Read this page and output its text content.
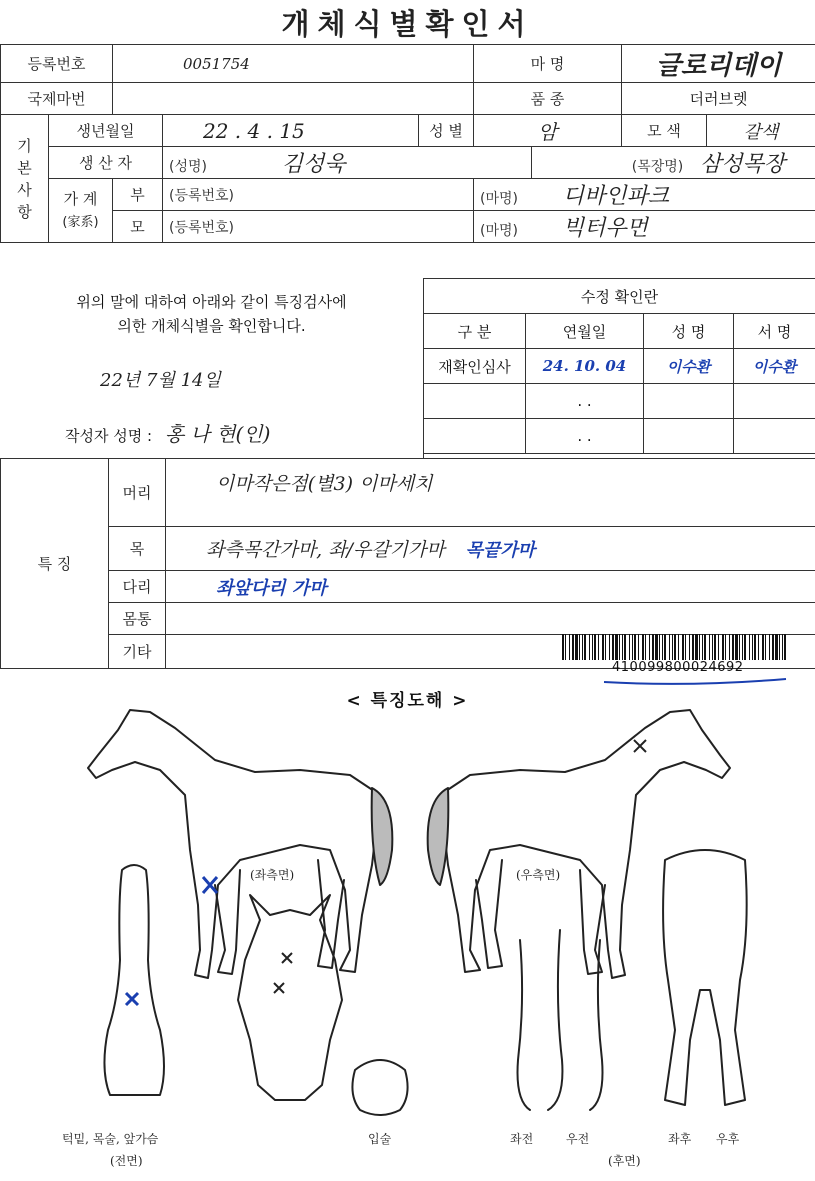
개체식별확인서
등록번호		0051754			마 명		글로리데이	
국제마번					품 종		더러브렛	
기
본
사
항	생년월일		22 . 4 . 15	성 별	암		모 색	갈색
	생 산 자		(성명) 김성욱			(목장명) 삼성목장		
	가 계
(家系)	부	(등록번호)		(마명) 디바인파크			
		모	(등록번호)		(마명) 빅터우먼			
위의 말에 대하여 아래와 같이 특징검사에
의한 개체식별을 확인합니다.
22년 7월 14일
작성자 성명 : 홍 나 현(인)
수정 확인란			
구 분	연월일	성 명	서 명
재확인심사	24. 10. 04	이수환	이수환
	. .		
	. .		
특 징	머리	이마작은점(별3) 이마세치
	목	좌측목간가마, 좌/우갈기가마 목끝가마
	다리	좌앞다리 가마
	몸통	
	기타	
410099800024692
< 특징도해 >
(좌측면)	(우측면)
턱밑, 목술, 앞가슴
(전면)
입술	좌전	우전	좌후 우후
(후면)
